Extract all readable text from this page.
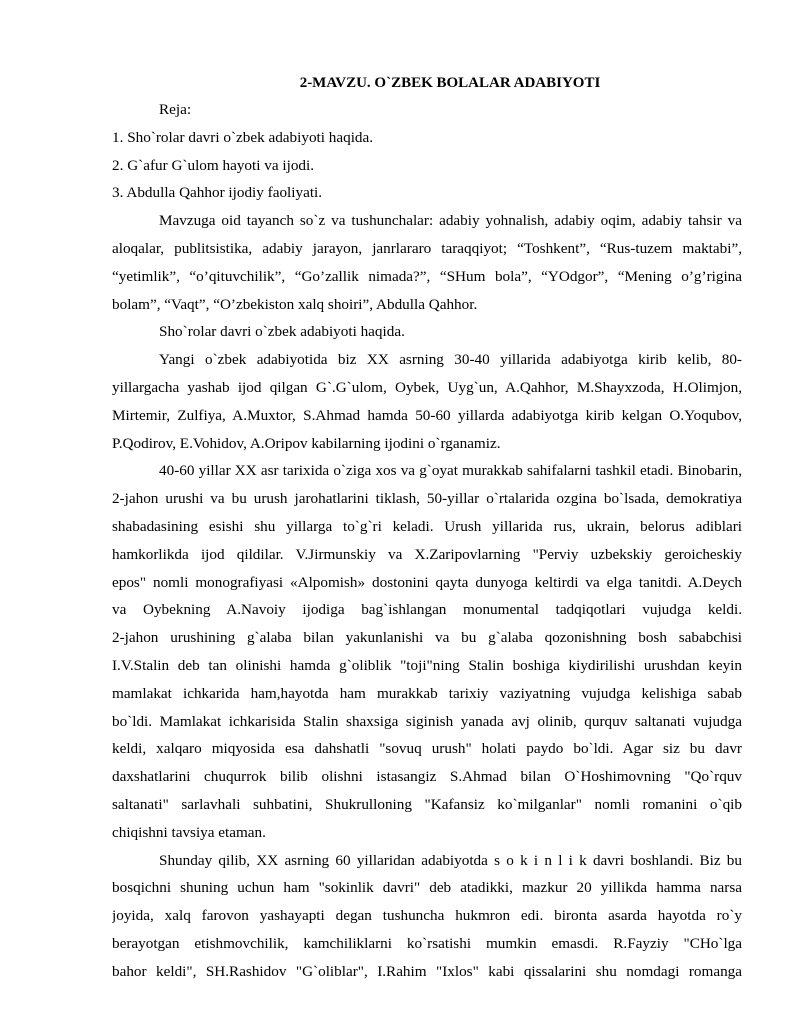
2-MAVZU. O`ZBEK BOLALAR ADABIYOTI
Reja:
1. Sho`rolar davri o`zbek adabiyoti haqida.
2. G`afur G`ulom hayoti va ijodi.
3. Abdulla Qahhor ijodiy faoliyati.
Mavzuga oid tayanch so`z va tushunchalar: adabiy yohnalish, adabiy oqim, adabiy tahsir va
aloqalar, publitsistika, adabiy jarayon, janrlararo taraqqiyot; “Toshkent”, “Rus-tuzem maktabi”,
“yetimlik”, “o’qituvchilik”, “Go’zallik nimada?”, “SHum bola”, “YOdgor”, “Mening o’g’rigina
bolam”, “Vaqt”, “O’zbekiston xalq shoiri”, Abdulla Qahhor.
Sho`rolar davri o`zbek adabiyoti haqida.
Yangi o`zbek adabiyotida biz XX asrning 30-40 yillarida adabiyotga kirib kelib, 80-
yillargacha yashab ijod qilgan G`.G`ulom, Oybek, Uyg`un, A.Qahhor, M.Shayxzoda, H.Olimjon,
Mirtemir, Zulfiya, A.Muxtor, S.Ahmad hamda 50-60 yillarda adabiyotga kirib kelgan O.Yoqubov,
P.Qodirov, E.Vohidov, A.Oripov kabilarning ijodini o`rganamiz.
40-60 yillar XX asr tarixida o`ziga xos va g`oyat murakkab sahifalarni tashkil etadi. Binobarin,
2-jahon urushi va bu urush jarohatlarini tiklash, 50-yillar o`rtalarida ozgina bo`lsada, demokratiya
shabadasining esishi shu yillarga to`g`ri keladi. Urush yillarida rus, ukrain, belorus adiblari
hamkorlikda ijod qildilar. V.Jirmunskiy va X.Zaripovlarning "Perviy uzbekskiy geroicheskiy
epos" nomli monografiyasi «Alpomish» dostonini qayta dunyoga keltirdi va elga tanitdi. A.Deych
va Oybekning A.Navoiy ijodiga bag`ishlangan monumental tadqiqotlari vujudga keldi.
2-jahon urushining g`alaba bilan yakunlanishi va bu g`alaba qozonishning bosh sababchisi
I.V.Stalin deb tan olinishi hamda g`oliblik "toji"ning Stalin boshiga kiydirilishi urushdan keyin
mamlakat ichkarida ham,hayotda ham murakkab tarixiy vaziyatning vujudga kelishiga sabab
bo`ldi. Mamlakat ichkarisida Stalin shaxsiga siginish yanada avj olinib, qurquv saltanati vujudga
keldi, xalqaro miqyosida esa dahshatli "sovuq urush" holati paydo bo`ldi. Agar siz bu davr
daxshatlarini chuqurrok bilib olishni istasangiz S.Ahmad bilan O`Hoshimovning "Qo`rquv
saltanati" sarlavhali suhbatini, Shukrulloning "Kafansiz ko`milganlar" nomli romanini o`qib
chiqishni tavsiya etaman.
Shunday qilib, XX asrning 60 yillaridan adabiyotda s o k i n l i k davri boshlandi. Biz bu
bosqichni shuning uchun ham "sokinlik davri" deb atadikki, mazkur 20 yillikda hamma narsa
joyida, xalq farovon yashayapti degan tushuncha hukmron edi. bironta asarda hayotda ro`y
berayotgan etishmovchilik, kamchiliklarni ko`rsatishi mumkin emasdi. R.Fayziy "CHo`lga
bahor keldi", SH.Rashidov "G`oliblar", I.Rahim "Ixlos" kabi qissalarini shu nomdagi romanga
